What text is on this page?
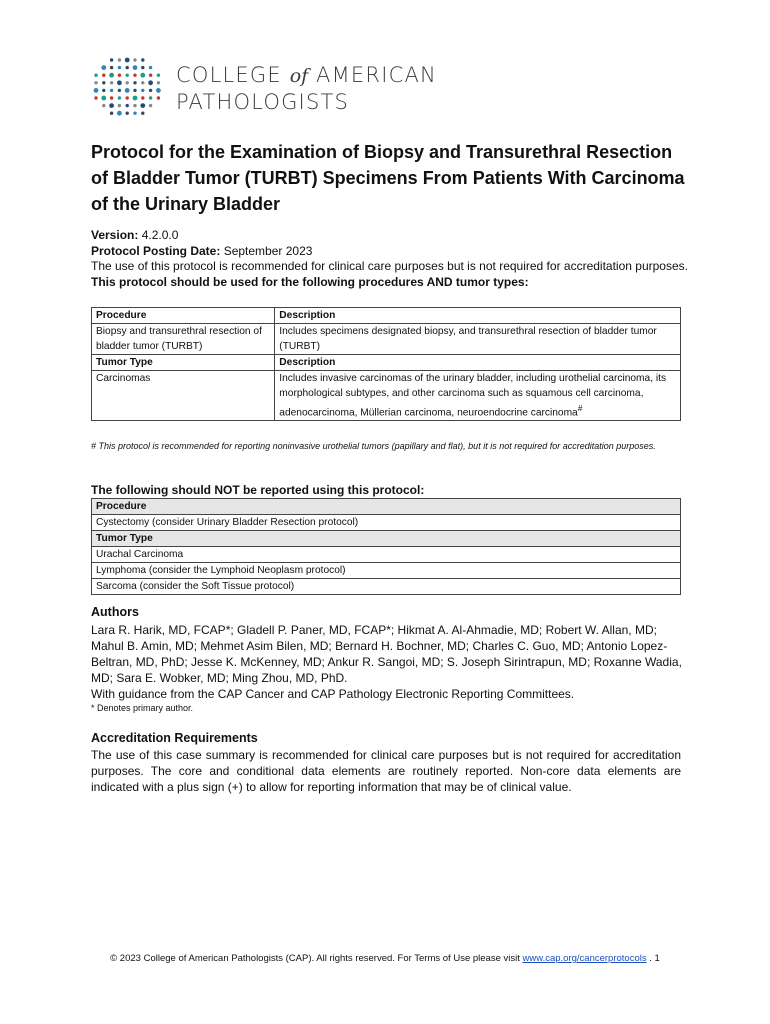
COLLEGE of AMERICAN
PATHOLOGISTS
Protocol for the Examination of Biopsy and Transurethral Resection of Bladder Tumor (TURBT) Specimens From Patients With Carcinoma of the Urinary Bladder

Version: 4.2.0.0

Protocol Posting Date: September 2023

The use of this protocol is recommended for clinical care purposes but is not required for accreditation purposes.

This protocol should be used for the following procedures AND tumor types:

Procedure	Description
Biopsy and transurethral resection of bladder tumor (TURBT)	Includes specimens designated biopsy, and transurethral resection of bladder tumor (TURBT)
Tumor Type	Description
Carcinomas	Includes invasive carcinomas of the urinary bladder, including urothelial carcinoma, its morphological subtypes, and other carcinoma such as squamous cell carcinoma, adenocarcinoma, Müllerian carcinoma, neuroendocrine carcinoma#
# This protocol is recommended for reporting noninvasive urothelial tumors (papillary and flat), but it is not required for accreditation purposes.
The following should NOT be reported using this protocol:
Procedure
Cystectomy (consider Urinary Bladder Resection protocol)
Tumor Type
Urachal Carcinoma
Lymphoma (consider the Lymphoid Neoplasm protocol)
Sarcoma (consider the Soft Tissue protocol)
Authors

Lara R. Harik, MD, FCAP*; Gladell P. Paner, MD, FCAP*; Hikmat A. Al-Ahmadie, MD; Robert W. Allan, MD; Mahul B. Amin, MD; Mehmet Asim Bilen, MD; Bernard H. Bochner, MD; Charles C. Guo, MD; Antonio Lopez-Beltran, MD, PhD; Jesse K. McKenney, MD; Ankur R. Sangoi, MD; S. Joseph Sirintrapun, MD; Roxanne Wadia, MD; Sara E. Wobker, MD; Ming Zhou, MD, PhD.
With guidance from the CAP Cancer and CAP Pathology Electronic Reporting Committees.

* Denotes primary author.
Accreditation Requirements

The use of this case summary is recommended for clinical care purposes but is not required for accreditation purposes. The core and conditional data elements are routinely reported. Non-core data elements are indicated with a plus sign (+) to allow for reporting information that may be of clinical value.

© 2023 College of American Pathologists (CAP). All rights reserved. For Terms of Use please visit www.cap.org/cancerprotocols . 1
